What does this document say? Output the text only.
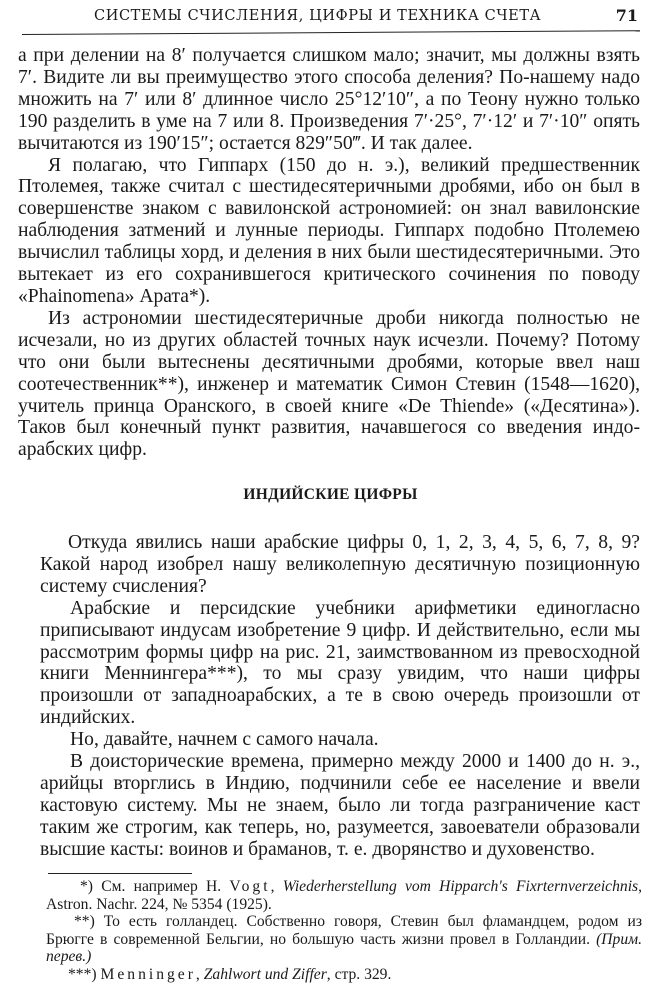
СИСТЕМЫ СЧИСЛЕНИЯ, ЦИФРЫ И ТЕХНИКА СЧЕТА	71

а при делении на 8′ получается слишком мало; значит, мы должны взять 7′. Видите ли вы преимущество этого способа деления? По-нашему надо множить на 7′ или 8′ длинное число 25°12′10″, а по Теону нужно только 190 разделить в уме на 7 или 8. Произведения 7′·25°, 7′·12′ и 7′·10″ опять вычитаются из 190′15″; остается 829″50‴. И так далее.

Я полагаю, что Гиппарх (150 до н. э.), великий предшественник Птолемея, также считал с шестидесятеричными дробями, ибо он был в совершенстве знаком с вавилонской астрономией: он знал вавилонские наблюдения затмений и лунные периоды. Гиппарх подобно Птолемею вычислил таблицы хорд, и деления в них были шестидесятеричными. Это вытекает из его сохранившегося критического сочинения по поводу «Phainomena» Арата*).

Из астрономии шестидесятеричные дроби никогда полностью не исчезали, но из других областей точных наук исчезли. Почему? Потому что они были вытеснены десятичными дробями, которые ввел наш соотечественник**), инженер и математик Симон Стевин (1548—1620), учитель принца Оранского, в своей книге «De Thiende» («Десятина»). Таков был конечный пункт развития, начавшегося со введения индо-арабских цифр.

ИНДИЙСКИЕ ЦИФРЫ

Откуда явились наши арабские цифры 0, 1, 2, 3, 4, 5, 6, 7, 8, 9? Какой народ изобрел нашу великолепную десятичную позиционную систему счисления?

Арабские и персидские учебники арифметики единогласно приписывают индусам изобретение 9 цифр. И действительно, если мы рассмотрим формы цифр на рис. 21, заимствованном из превосходной книги Меннингера***), то мы сразу увидим, что наши цифры произошли от западноарабских, а те в свою очередь произошли от индийских.

Но, давайте, начнем с самого начала.

В доисторические времена, примерно между 2000 и 1400 до н. э., арийцы вторглись в Индию, подчинили себе ее население и ввели кастовую систему. Мы не знаем, было ли тогда разграничение каст таким же строгим, как теперь, но, разумеется, завоеватели образовали высшие касты: воинов и браманов, т. е. дворянство и духовенство.

*) См. например H. Vogt, Wiederherstellung vom Hipparch's Fixrternverzeichnis, Astron. Nachr. 224, № 5354 (1925).

**) То есть голландец. Собственно говоря, Стевин был фламандцем, родом из Брюгге в современной Бельгии, но большую часть жизни провел в Голландии. (Прим. перев.)

***) Menninger, Zahlwort und Ziffer, стр. 329.
